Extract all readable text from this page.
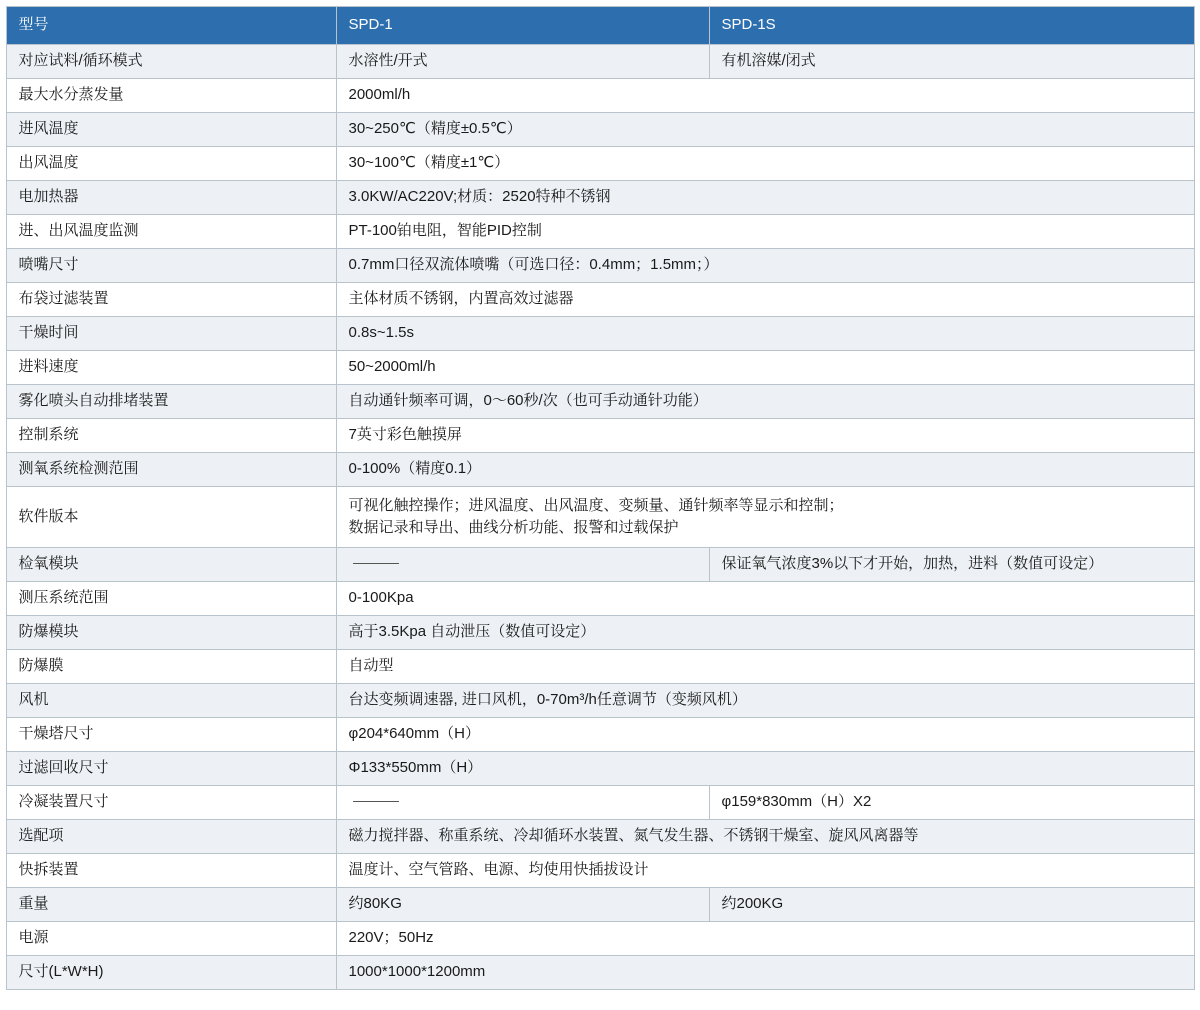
型号	SPD-1	SPD-1S
对应试料/循环模式	水溶性/开式	有机溶媒/闭式
最大水分蒸发量	2000ml/h	
进风温度	30~250℃（精度±0.5℃）	
出风温度	30~100℃（精度±1℃）	
电加热器	3.0KW/AC220V;材质：2520特种不锈钢	
进、出风温度监测	PT-100铂电阻，智能PID控制	
喷嘴尺寸	0.7mm口径双流体喷嘴（可选口径：0.4mm；1.5mm；）	
布袋过滤装置	主体材质不锈钢，内置高效过滤器	
干燥时间	0.8s~1.5s	
进料速度	50~2000ml/h	
雾化喷头自动排堵装置	自动通针频率可调，0～60秒/次（也可手动通针功能）	
控制系统	7英寸彩色触摸屏	
测氧系统检测范围	0-100%（精度0.1）	
软件版本	可视化触控操作；进风温度、出风温度、变频量、通针频率等显示和控制；
数据记录和导出、曲线分析功能、报警和过载保护	

检氧模块		保证氧气浓度3%以下才开始，加热，进料（数值可设定）
测压系统范围	0-100Kpa	
防爆模块	高于3.5Kpa 自动泄压（数值可设定）	
防爆膜	自动型	
风机	台达变频调速器, 进口风机，0-70m³/h任意调节（变频风机）	
干燥塔尺寸	φ204*640mm（H）	
过滤回收尺寸	Φ133*550mm（H）	
冷凝装置尺寸		φ159*830mm（H）X2
选配项	磁力搅拌器、称重系统、冷却循环水装置、氮气发生器、不锈钢干燥室、旋风风离器等	
快拆装置	温度计、空气管路、电源、均使用快插拔设计	
重量	约80KG	约200KG
电源	220V；50Hz	
尺寸(L*W*H)	1000*1000*1200mm	
